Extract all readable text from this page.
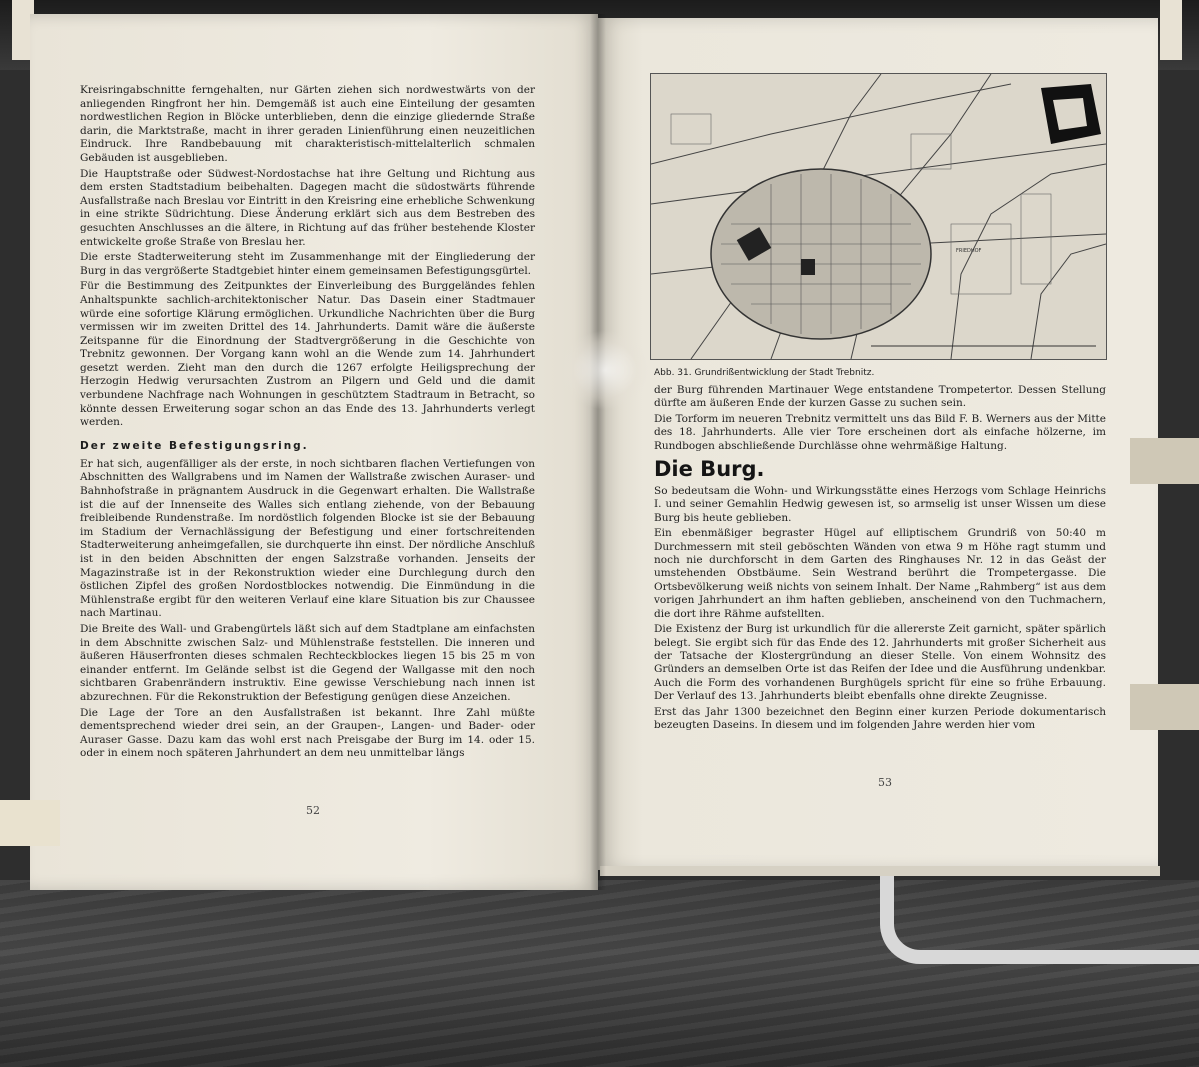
Kreisringabschnitte ferngehalten, nur Gärten ziehen sich nordwestwärts von der anliegenden Ringfront her hin. Demgemäß ist auch eine Einteilung der gesamten nordwestlichen Region in Blöcke unterblieben, denn die einzige gliedernde Straße darin, die Marktstraße, macht in ihrer geraden Linienführung einen neuzeitlichen Eindruck. Ihre Randbebauung mit charakteristisch-mittelalterlich schmalen Gebäuden ist ausgeblieben.

Die Hauptstraße oder Südwest-Nordostachse hat ihre Geltung und Richtung aus dem ersten Stadtstadium beibehalten. Dagegen macht die südostwärts führende Ausfallstraße nach Breslau vor Eintritt in den Kreisring eine erhebliche Schwenkung in eine strikte Südrichtung. Diese Änderung erklärt sich aus dem Bestreben des gesuchten Anschlusses an die ältere, in Richtung auf das früher bestehende Kloster entwickelte große Straße von Breslau her.

Die erste Stadterweiterung steht im Zusammenhange mit der Eingliederung der Burg in das vergrößerte Stadtgebiet hinter einem gemeinsamen Befestigungsgürtel.

Für die Bestimmung des Zeitpunktes der Einverleibung des Burggeländes fehlen Anhaltspunkte sachlich-architektonischer Natur. Das Dasein einer Stadtmauer würde eine sofortige Klärung ermöglichen. Urkundliche Nachrichten über die Burg vermissen wir im zweiten Drittel des 14. Jahrhunderts. Damit wäre die äußerste Zeitspanne für die Einordnung der Stadtvergrößerung in die Geschichte von Trebnitz gewonnen. Der Vorgang kann wohl an die Wende zum 14. Jahrhundert gesetzt werden. Zieht man den durch die 1267 erfolgte Heiligsprechung der Herzogin Hedwig verursachten Zustrom an Pilgern und Geld und die damit verbundene Nachfrage nach Wohnungen in geschütztem Stadtraum in Betracht, so könnte dessen Erweiterung sogar schon an das Ende des 13. Jahrhunderts verlegt werden.

Der zweite Befestigungsring.

Er hat sich, augenfälliger als der erste, in noch sichtbaren flachen Vertiefungen von Abschnitten des Wallgrabens und im Namen der Wallstraße zwischen Auraser- und Bahnhofstraße in prägnantem Ausdruck in die Gegenwart erhalten. Die Wallstraße ist die auf der Innenseite des Walles sich entlang ziehende, von der Bebauung freibleibende Rundenstraße. Im nordöstlich folgenden Blocke ist sie der Bebauung im Stadium der Vernachlässigung der Befestigung und einer fortschreitenden Stadterweiterung anheimgefallen, sie durchquerte ihn einst. Der nördliche Anschluß ist in den beiden Abschnitten der engen Salzstraße vorhanden. Jenseits der Magazinstraße ist in der Rekonstruktion wieder eine Durchlegung durch den östlichen Zipfel des großen Nordostblockes notwendig. Die Einmündung in die Mühlenstraße ergibt für den weiteren Verlauf eine klare Situation bis zur Chaussee nach Martinau.

Die Breite des Wall- und Grabengürtels läßt sich auf dem Stadtplane am einfachsten in dem Abschnitte zwischen Salz- und Mühlenstraße feststellen. Die inneren und äußeren Häuserfronten dieses schmalen Rechteckblockes liegen 15 bis 25 m von einander entfernt. Im Gelände selbst ist die Gegend der Wallgasse mit den noch sichtbaren Grabenrändern instruktiv. Eine gewisse Verschiebung nach innen ist abzurechnen. Für die Rekonstruktion der Befestigung genügen diese Anzeichen.

Die Lage der Tore an den Ausfallstraßen ist bekannt. Ihre Zahl müßte dementsprechend wieder drei sein, an der Graupen-, Langen- und Bader- oder Auraser Gasse. Dazu kam das wohl erst nach Preisgabe der Burg im 14. oder 15. oder in einem noch späteren Jahrhundert an dem neu unmittelbar längs

52
FRIEDHOF
Abb. 31. Grundrißentwicklung der Stadt Trebnitz.

der Burg führenden Martinauer Wege entstandene Trompetertor. Dessen Stellung dürfte am äußeren Ende der kurzen Gasse zu suchen sein.

Die Torform im neueren Trebnitz vermittelt uns das Bild F. B. Werners aus der Mitte des 18. Jahrhunderts. Alle vier Tore erscheinen dort als einfache hölzerne, im Rundbogen abschließende Durchlässe ohne wehrmäßige Haltung.

Die Burg.

So bedeutsam die Wohn- und Wirkungsstätte eines Herzogs vom Schlage Heinrichs I. und seiner Gemahlin Hedwig gewesen ist, so armselig ist unser Wissen um diese Burg bis heute geblieben.

Ein ebenmäßiger begraster Hügel auf elliptischem Grundriß von 50:40 m Durchmessern mit steil geböschten Wänden von etwa 9 m Höhe ragt stumm und noch nie durchforscht in dem Garten des Ringhauses Nr. 12 in das Geäst der umstehenden Obstbäume. Sein Westrand berührt die Trompetergasse. Die Ortsbevölkerung weiß nichts von seinem Inhalt. Der Name „Rahmberg“ ist aus dem vorigen Jahrhundert an ihm haften geblieben, anscheinend von den Tuchmachern, die dort ihre Rähme aufstellten.

Die Existenz der Burg ist urkundlich für die allererste Zeit garnicht, später spärlich belegt. Sie ergibt sich für das Ende des 12. Jahrhunderts mit großer Sicherheit aus der Tatsache der Klostergründung an dieser Stelle. Von einem Wohnsitz des Gründers an demselben Orte ist das Reifen der Idee und die Ausführung undenkbar. Auch die Form des vorhandenen Burghügels spricht für eine so frühe Erbauung. Der Verlauf des 13. Jahrhunderts bleibt ebenfalls ohne direkte Zeugnisse.

Erst das Jahr 1300 bezeichnet den Beginn einer kurzen Periode dokumentarisch bezeugten Daseins. In diesem und im folgenden Jahre werden hier vom

53
